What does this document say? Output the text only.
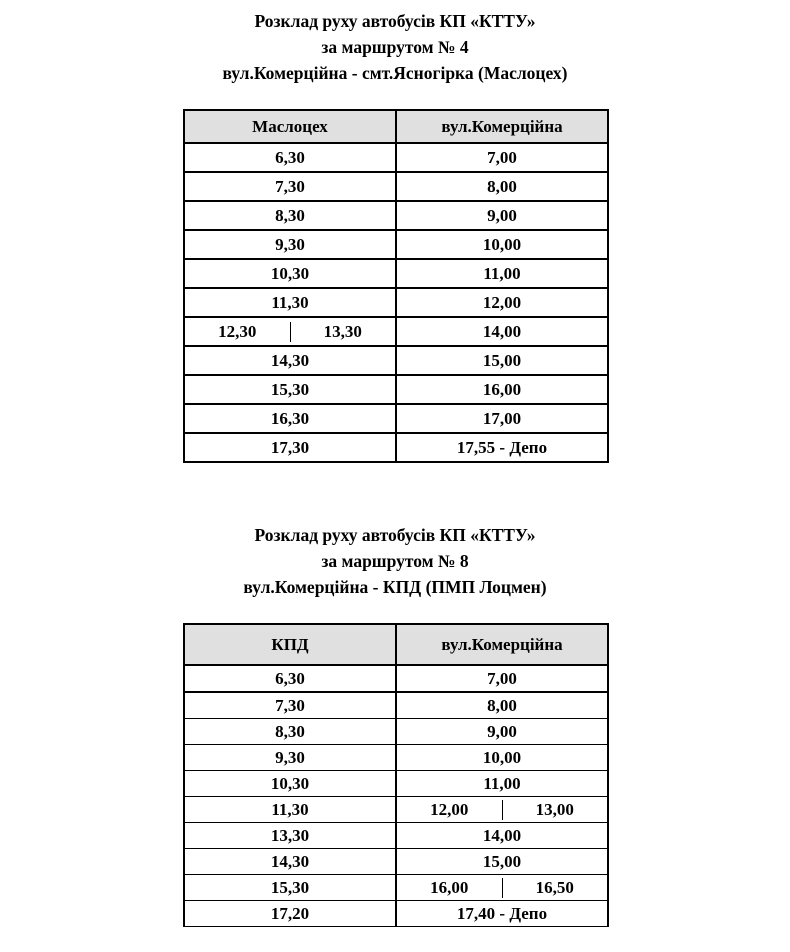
Розклад руху автобусів КП «КТТУ»
за маршрутом № 4
вул.Комерційна - смт.Ясногірка (Маслоцех)
Маслоцех	вул.Комерційна
6,30	7,00
7,30	8,00
8,30	9,00
9,30	10,00
10,30	11,00
11,30	12,00

12,30 13,30	14,00
14,30	15,00
15,30	16,00
16,30	17,00
17,30	17,55 - Депо
Розклад руху автобусів КП «КТТУ»
за маршрутом № 8
вул.Комерційна - КПД (ПМП Лоцмен)
КПД	вул.Комерційна
6,30	7,00
7,30	8,00
8,30	9,00
9,30	10,00
10,30	11,00
11,30	12,00 13,00

13,30	14,00
14,30	15,00
15,30	16,00 16,50

17,20	17,40 - Депо
